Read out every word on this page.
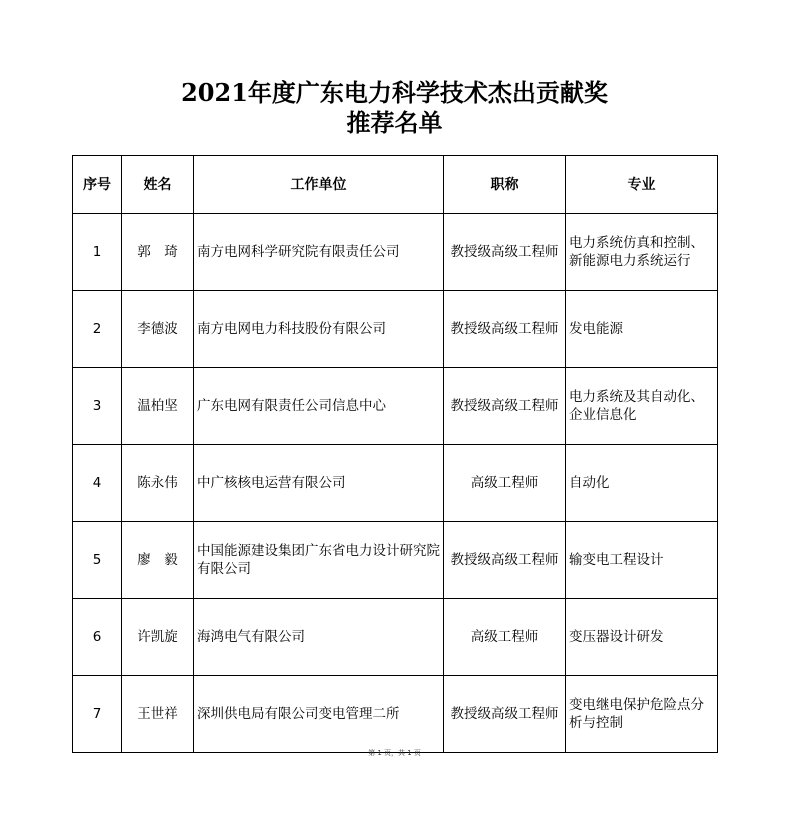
2021年度广东电力科学技术杰出贡献奖
推荐名单
序号	姓名	工作单位	职称	专业
1	郭　琦	南方电网科学研究院有限责任公司	教授级高级工程师	电力系统仿真和控制、新能源电力系统运行
2	李德波	南方电网电力科技股份有限公司	教授级高级工程师	发电能源
3	温柏坚	广东电网有限责任公司信息中心	教授级高级工程师	电力系统及其自动化、企业信息化
4	陈永伟	中广核核电运营有限公司	高级工程师	自动化
5	廖　毅	中国能源建设集团广东省电力设计研究院有限公司	教授级高级工程师	输变电工程设计
6	许凯旋	海鸿电气有限公司	高级工程师	变压器设计研发
7	王世祥	深圳供电局有限公司变电管理二所	教授级高级工程师	变电继电保护危险点分析与控制
第 1 页，共 1 页
